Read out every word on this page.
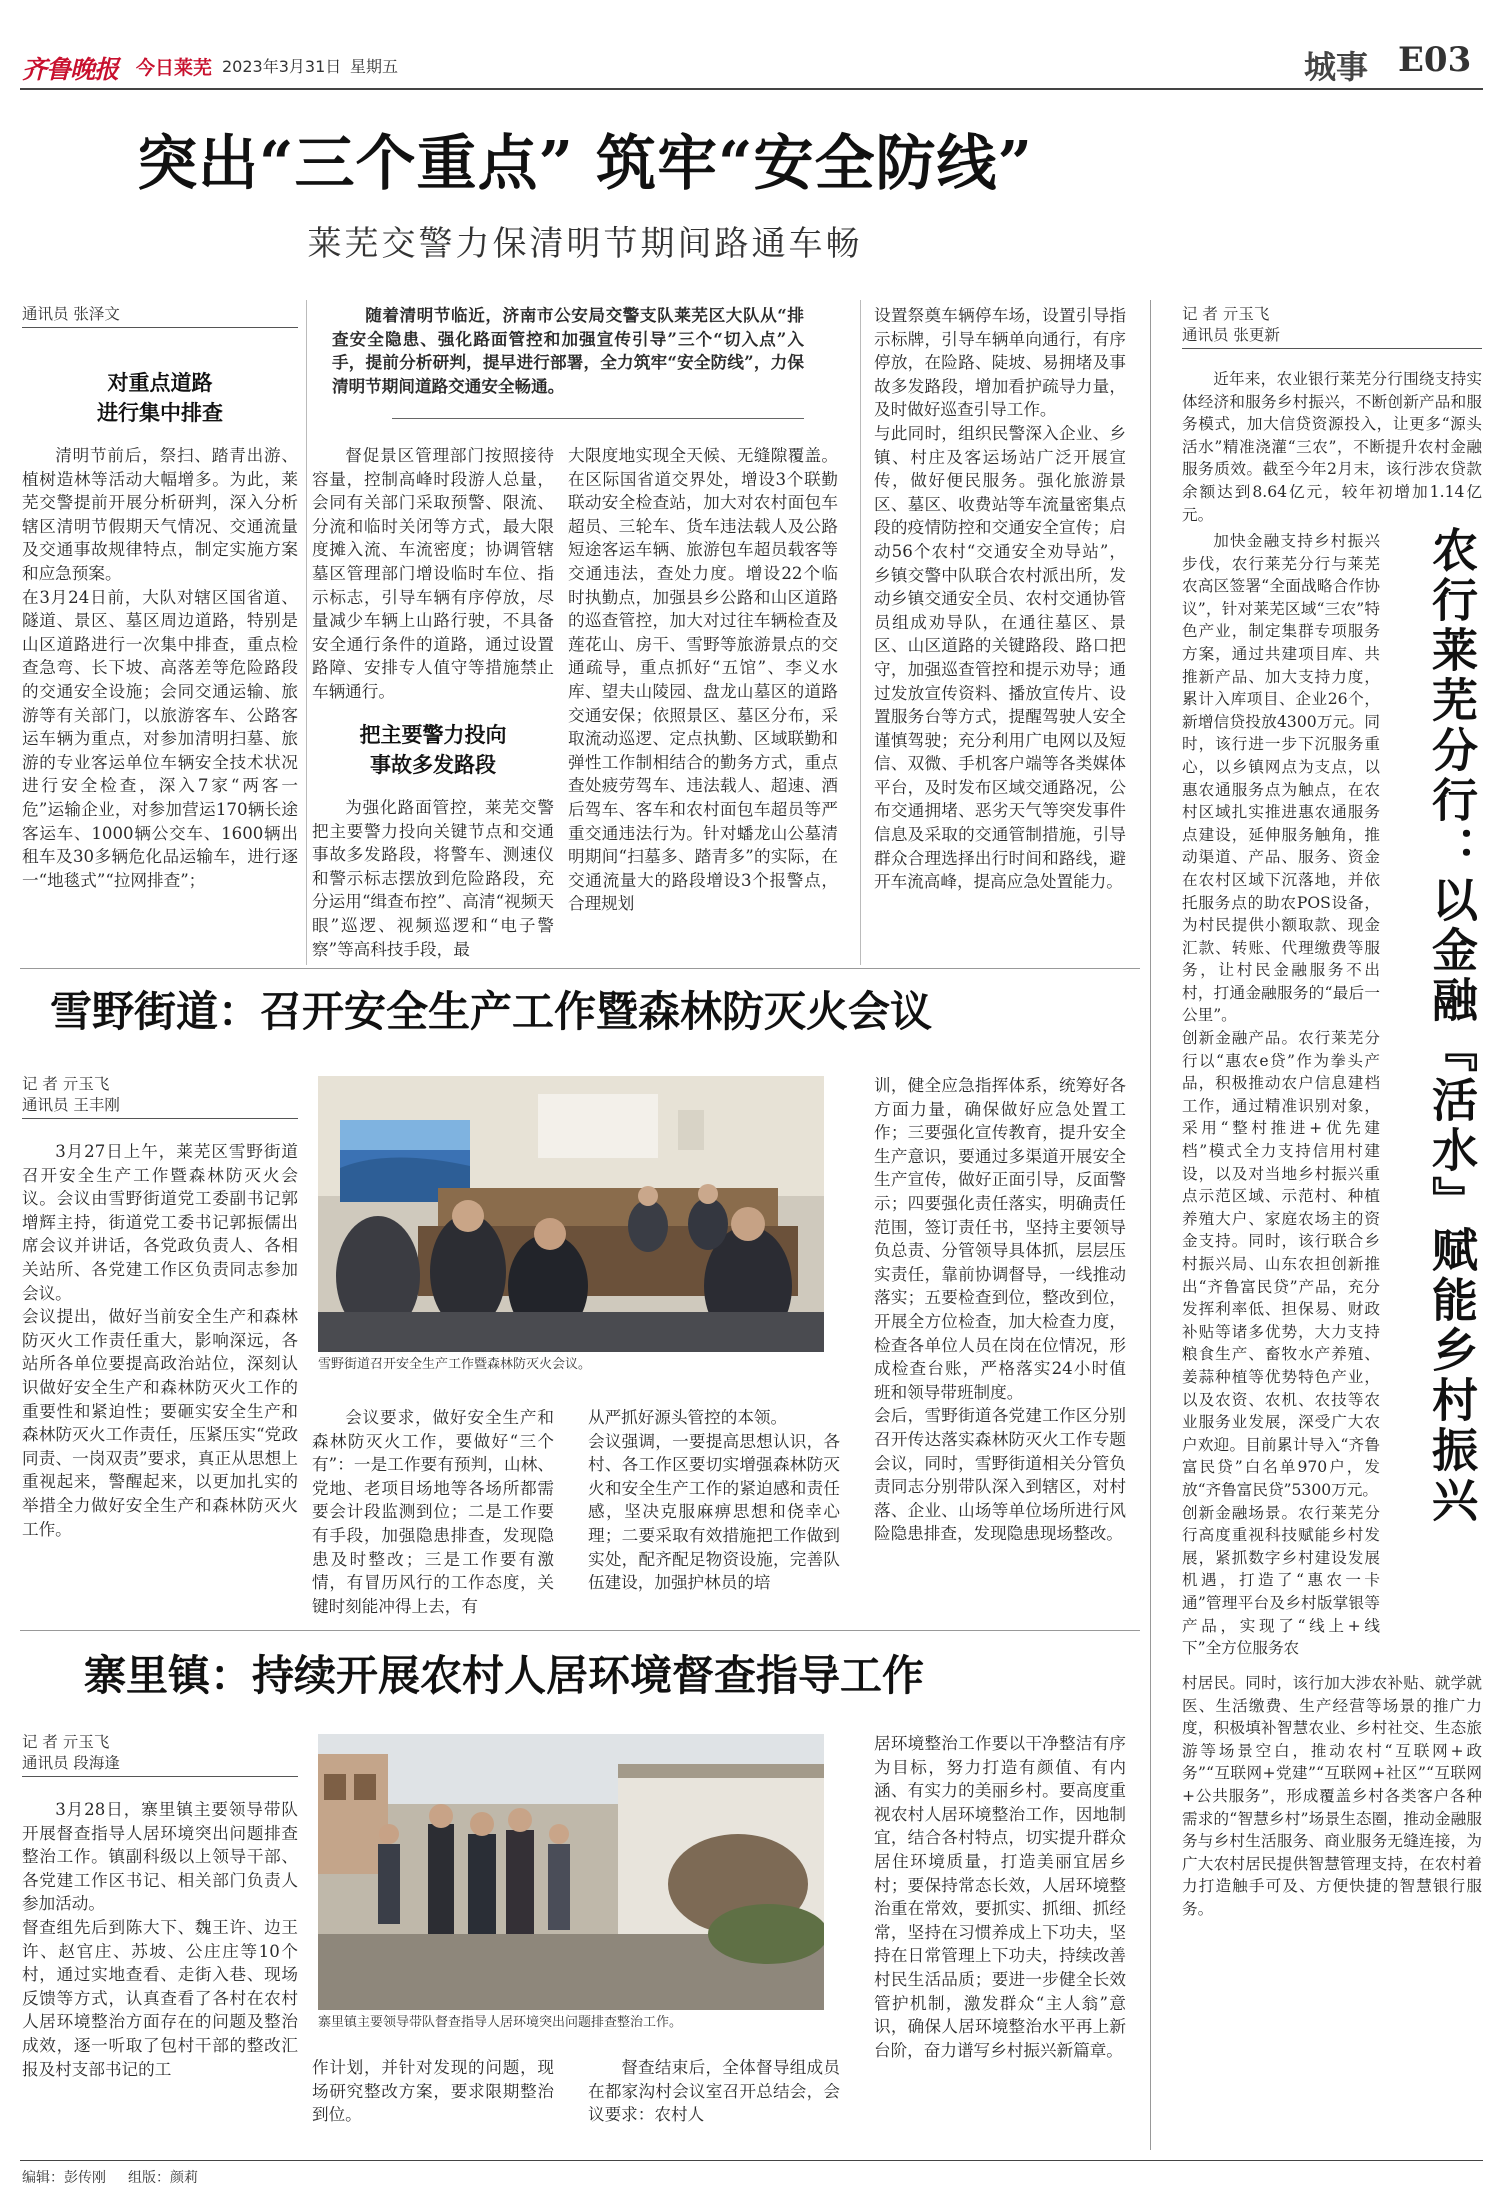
齐鲁晚报 今日莱芜 2023年3月31日 星期五	城事 E03
突出“三个重点” 筑牢“安全防线”
莱芜交警力保清明节期间路通车畅
通讯员 张泽文
对重点道路
进行集中排查
清明节前后，祭扫、踏青出游、植树造林等活动大幅增多。为此，莱芜交警提前开展分析研判，深入分析辖区清明节假期天气情况、交通流量及交通事故规律特点，制定实施方案和应急预案。
在3月24日前，大队对辖区国省道、隧道、景区、墓区周边道路，特别是山区道路进行一次集中排查，重点检查急弯、长下坡、高落差等危险路段的交通安全设施；会同交通运输、旅游等有关部门，以旅游客车、公路客运车辆为重点，对参加清明扫墓、旅游的专业客运单位车辆安全技术状况进行安全检查，深入7家“两客一危”运输企业，对参加营运170辆长途客运车、1000辆公交车、1600辆出租车及30多辆危化品运输车，进行逐一“地毯式”“拉网排查”；
随着清明节临近，济南市公安局交警支队莱芜区大队从“排查安全隐患、强化路面管控和加强宣传引导”三个“切入点”入手，提前分析研判，提早进行部署，全力筑牢“安全防线”，力保清明节期间道路交通安全畅通。
督促景区管理部门按照接待容量，控制高峰时段游人总量，会同有关部门采取预警、限流、分流和临时关闭等方式，最大限度摊入流、车流密度；协调管辖墓区管理部门增设临时车位、指示标志，引导车辆有序停放，尽量减少车辆上山路行驶，不具备安全通行条件的道路，通过设置路障、安排专人值守等措施禁止车辆通行。
把主要警力投向
事故多发路段
为强化路面管控，莱芜交警把主要警力投向关键节点和交通事故多发路段，将警车、测速仪和警示标志摆放到危险路段，充分运用“缉查布控”、高清“视频天眼”巡逻、视频巡逻和“电子警察”等高科技手段，最
大限度地实现全天候、无缝隙覆盖。在区际国省道交界处，增设3个联勤联动安全检查站，加大对农村面包车超员、三轮车、货车违法载人及公路短途客运车辆、旅游包车超员载客等交通违法，查处力度。增设22个临时执勤点，加强县乡公路和山区道路的巡查管控，加大对过往车辆检查及莲花山、房干、雪野等旅游景点的交通疏导，重点抓好“五馆”、李义水库、望夫山陵园、盘龙山墓区的道路交通安保；依照景区、墓区分布，采取流动巡逻、定点执勤、区域联勤和弹性工作制相结合的勤务方式，重点查处疲劳驾车、违法载人、超速、酒后驾车、客车和农村面包车超员等严重交通违法行为。针对蟠龙山公墓清明期间“扫墓多、踏青多”的实际，在交通流量大的路段增设3个报警点，合理规划
设置祭奠车辆停车场，设置引导指示标牌，引导车辆单向通行，有序停放，在险路、陡坡、易拥堵及事故多发路段，增加看护疏导力量，及时做好巡查引导工作。
与此同时，组织民警深入企业、乡镇、村庄及客运场站广泛开展宣传，做好便民服务。强化旅游景区、墓区、收费站等车流量密集点段的疫情防控和交通安全宣传；启动56个农村“交通安全劝导站”，乡镇交警中队联合农村派出所，发动乡镇交通安全员、农村交通协管员组成劝导队，在通往墓区、景区、山区道路的关键路段、路口把守，加强巡查管控和提示劝导；通过发放宣传资料、播放宣传片、设置服务台等方式，提醒驾驶人安全谨慎驾驶；充分利用广电网以及短信、双微、手机客户端等各类媒体平台，及时发布区域交通路况，公布交通拥堵、恶劣天气等突发事件信息及采取的交通管制措施，引导群众合理选择出行时间和路线，避开车流高峰，提高应急处置能力。
雪野街道：召开安全生产工作暨森林防灭火会议
记 者 亓玉飞
通讯员 王丰刚
3月27日上午，莱芜区雪野街道召开安全生产工作暨森林防灭火会议。会议由雪野街道党工委副书记郭增辉主持，街道党工委书记郭振儒出席会议并讲话，各党政负责人、各相关站所、各党建工作区负责同志参加会议。
会议提出，做好当前安全生产和森林防灭火工作责任重大，影响深远，各站所各单位要提高政治站位，深刻认识做好安全生产和森林防灭火工作的重要性和紧迫性；要砸实安全生产和森林防灭火工作责任，压紧压实“党政同责、一岗双责”要求，真正从思想上重视起来，警醒起来，以更加扎实的举措全力做好安全生产和森林防灭火工作。
雪野街道召开安全生产工作暨森林防灭火会议。
会议要求，做好安全生产和森林防灭火工作，要做好“三个有”：一是工作要有预判，山林、党地、老项目场地等各场所都需要会计段监测到位；二是工作要有手段，加强隐患排查，发现隐患及时整改；三是工作要有激情，有冒历风行的工作态度，关键时刻能冲得上去，有
从严抓好源头管控的本领。
会议强调，一要提高思想认识，各村、各工作区要切实增强森林防灭火和安全生产工作的紧迫感和责任感，坚决克服麻痹思想和侥幸心理；二要采取有效措施把工作做到实处，配齐配足物资设施，完善队伍建设，加强护林员的培
训，健全应急指挥体系，统筹好各方面力量，确保做好应急处置工作；三要强化宣传教育，提升安全生产意识，要通过多渠道开展安全生产宣传，做好正面引导，反面警示；四要强化责任落实，明确责任范围，签订责任书，坚持主要领导负总责、分管领导具体抓，层层压实责任，靠前协调督导，一线推动落实；五要检查到位，整改到位，开展全方位检查，加大检查力度，检查各单位人员在岗在位情况，形成检查台账，严格落实24小时值班和领导带班制度。
会后，雪野街道各党建工作区分别召开传达落实森林防灭火工作专题会议，同时，雪野街道相关分管负责同志分别带队深入到辖区，对村落、企业、山场等单位场所进行风险隐患排查，发现隐患现场整改。
寨里镇：持续开展农村人居环境督查指导工作
记 者 亓玉飞
通讯员 段海逢
3月28日，寨里镇主要领导带队开展督查指导人居环境突出问题排查整治工作。镇副科级以上领导干部、各党建工作区书记、相关部门负责人参加活动。
督查组先后到陈大下、魏王许、边王许、赵官庄、苏坡、公庄庄等10个村，通过实地查看、走街入巷、现场反馈等方式，认真查看了各村在农村人居环境整治方面存在的问题及整治成效，逐一听取了包村干部的整改汇报及村支部书记的工
寨里镇主要领导带队督查指导人居环境突出问题排查整治工作。
作计划，并针对发现的问题，现场研究整改方案，要求限期整治到位。
督查结束后，全体督导组成员在都家沟村会议室召开总结会，会议要求：农村人
居环境整治工作要以干净整洁有序为目标，努力打造有颜值、有内涵、有实力的美丽乡村。要高度重视农村人居环境整治工作，因地制宜，结合各村特点，切实提升群众居住环境质量，打造美丽宜居乡村；要保持常态长效，人居环境整治重在常效，要抓实、抓细、抓经常，坚持在习惯养成上下功夫，坚持在日常管理上下功夫，持续改善村民生活品质；要进一步健全长效管护机制，激发群众“主人翁”意识，确保人居环境整治水平再上新台阶，奋力谱写乡村振兴新篇章。
记 者 亓玉飞
通讯员 张更新
农行莱芜分行：以金融『活水』赋能乡村振兴
近年来，农业银行莱芜分行围绕支持实体经济和服务乡村振兴，不断创新产品和服务模式，加大信贷资源投入，让更多“源头活水”精准浇灌“三农”，不断提升农村金融服务质效。截至今年2月末，该行涉农贷款余额达到8.64亿元，较年初增加1.14亿元。

加快金融支持乡村振兴步伐，农行莱芜分行与莱芜农高区签署“全面战略合作协议”，针对莱芜区域“三农”特色产业，制定集群专项服务方案，通过共建项目库、共推新产品、加大支持力度，累计入库项目、企业26个，新增信贷投放4300万元。同时，该行进一步下沉服务重心，以乡镇网点为支点，以惠农通服务点为触点，在农村区域扎实推进惠农通服务点建设，延伸服务触角，推动渠道、产品、服务、资金在农村区域下沉落地，并依托服务点的助农POS设备，为村民提供小额取款、现金汇款、转账、代理缴费等服务，让村民金融服务不出村，打通金融服务的“最后一公里”。
创新金融产品。农行莱芜分行以“惠农e贷”作为拳头产品，积极推动农户信息建档工作，通过精准识别对象，采用“整村推进+优先建档”模式全力支持信用村建设，以及对当地乡村振兴重点示范区域、示范村、种植养殖大户、家庭农场主的资金支持。同时，该行联合乡村振兴局、山东农担创新推出“齐鲁富民贷”产品，充分发挥利率低、担保易、财政补贴等诸多优势，大力支持粮食生产、畜牧水产养殖、姜蒜种植等优势特色产业，以及农资、农机、农技等农业服务业发展，深受广大农户欢迎。目前累计导入“齐鲁富民贷”白名单970户，发放“齐鲁富民贷”5300万元。
创新金融场景。农行莱芜分行高度重视科技赋能乡村发展，紧抓数字乡村建设发展机遇，打造了“惠农一卡通”管理平台及乡村版掌银等产品，实现了“线上+线下”全方位服务农
村居民。同时，该行加大涉农补贴、就学就医、生活缴费、生产经营等场景的推广力度，积极填补智慧农业、乡村社交、生态旅游等场景空白，推动农村“互联网+政务”“互联网+党建”“互联网+社区”“互联网+公共服务”，形成覆盖乡村各类客户各种需求的“智慧乡村”场景生态圈，推动金融服务与乡村生活服务、商业服务无缝连接，为广大农村居民提供智慧管理支持，在农村着力打造触手可及、方便快捷的智慧银行服务。
编辑：彭传刚 组版：颜莉
